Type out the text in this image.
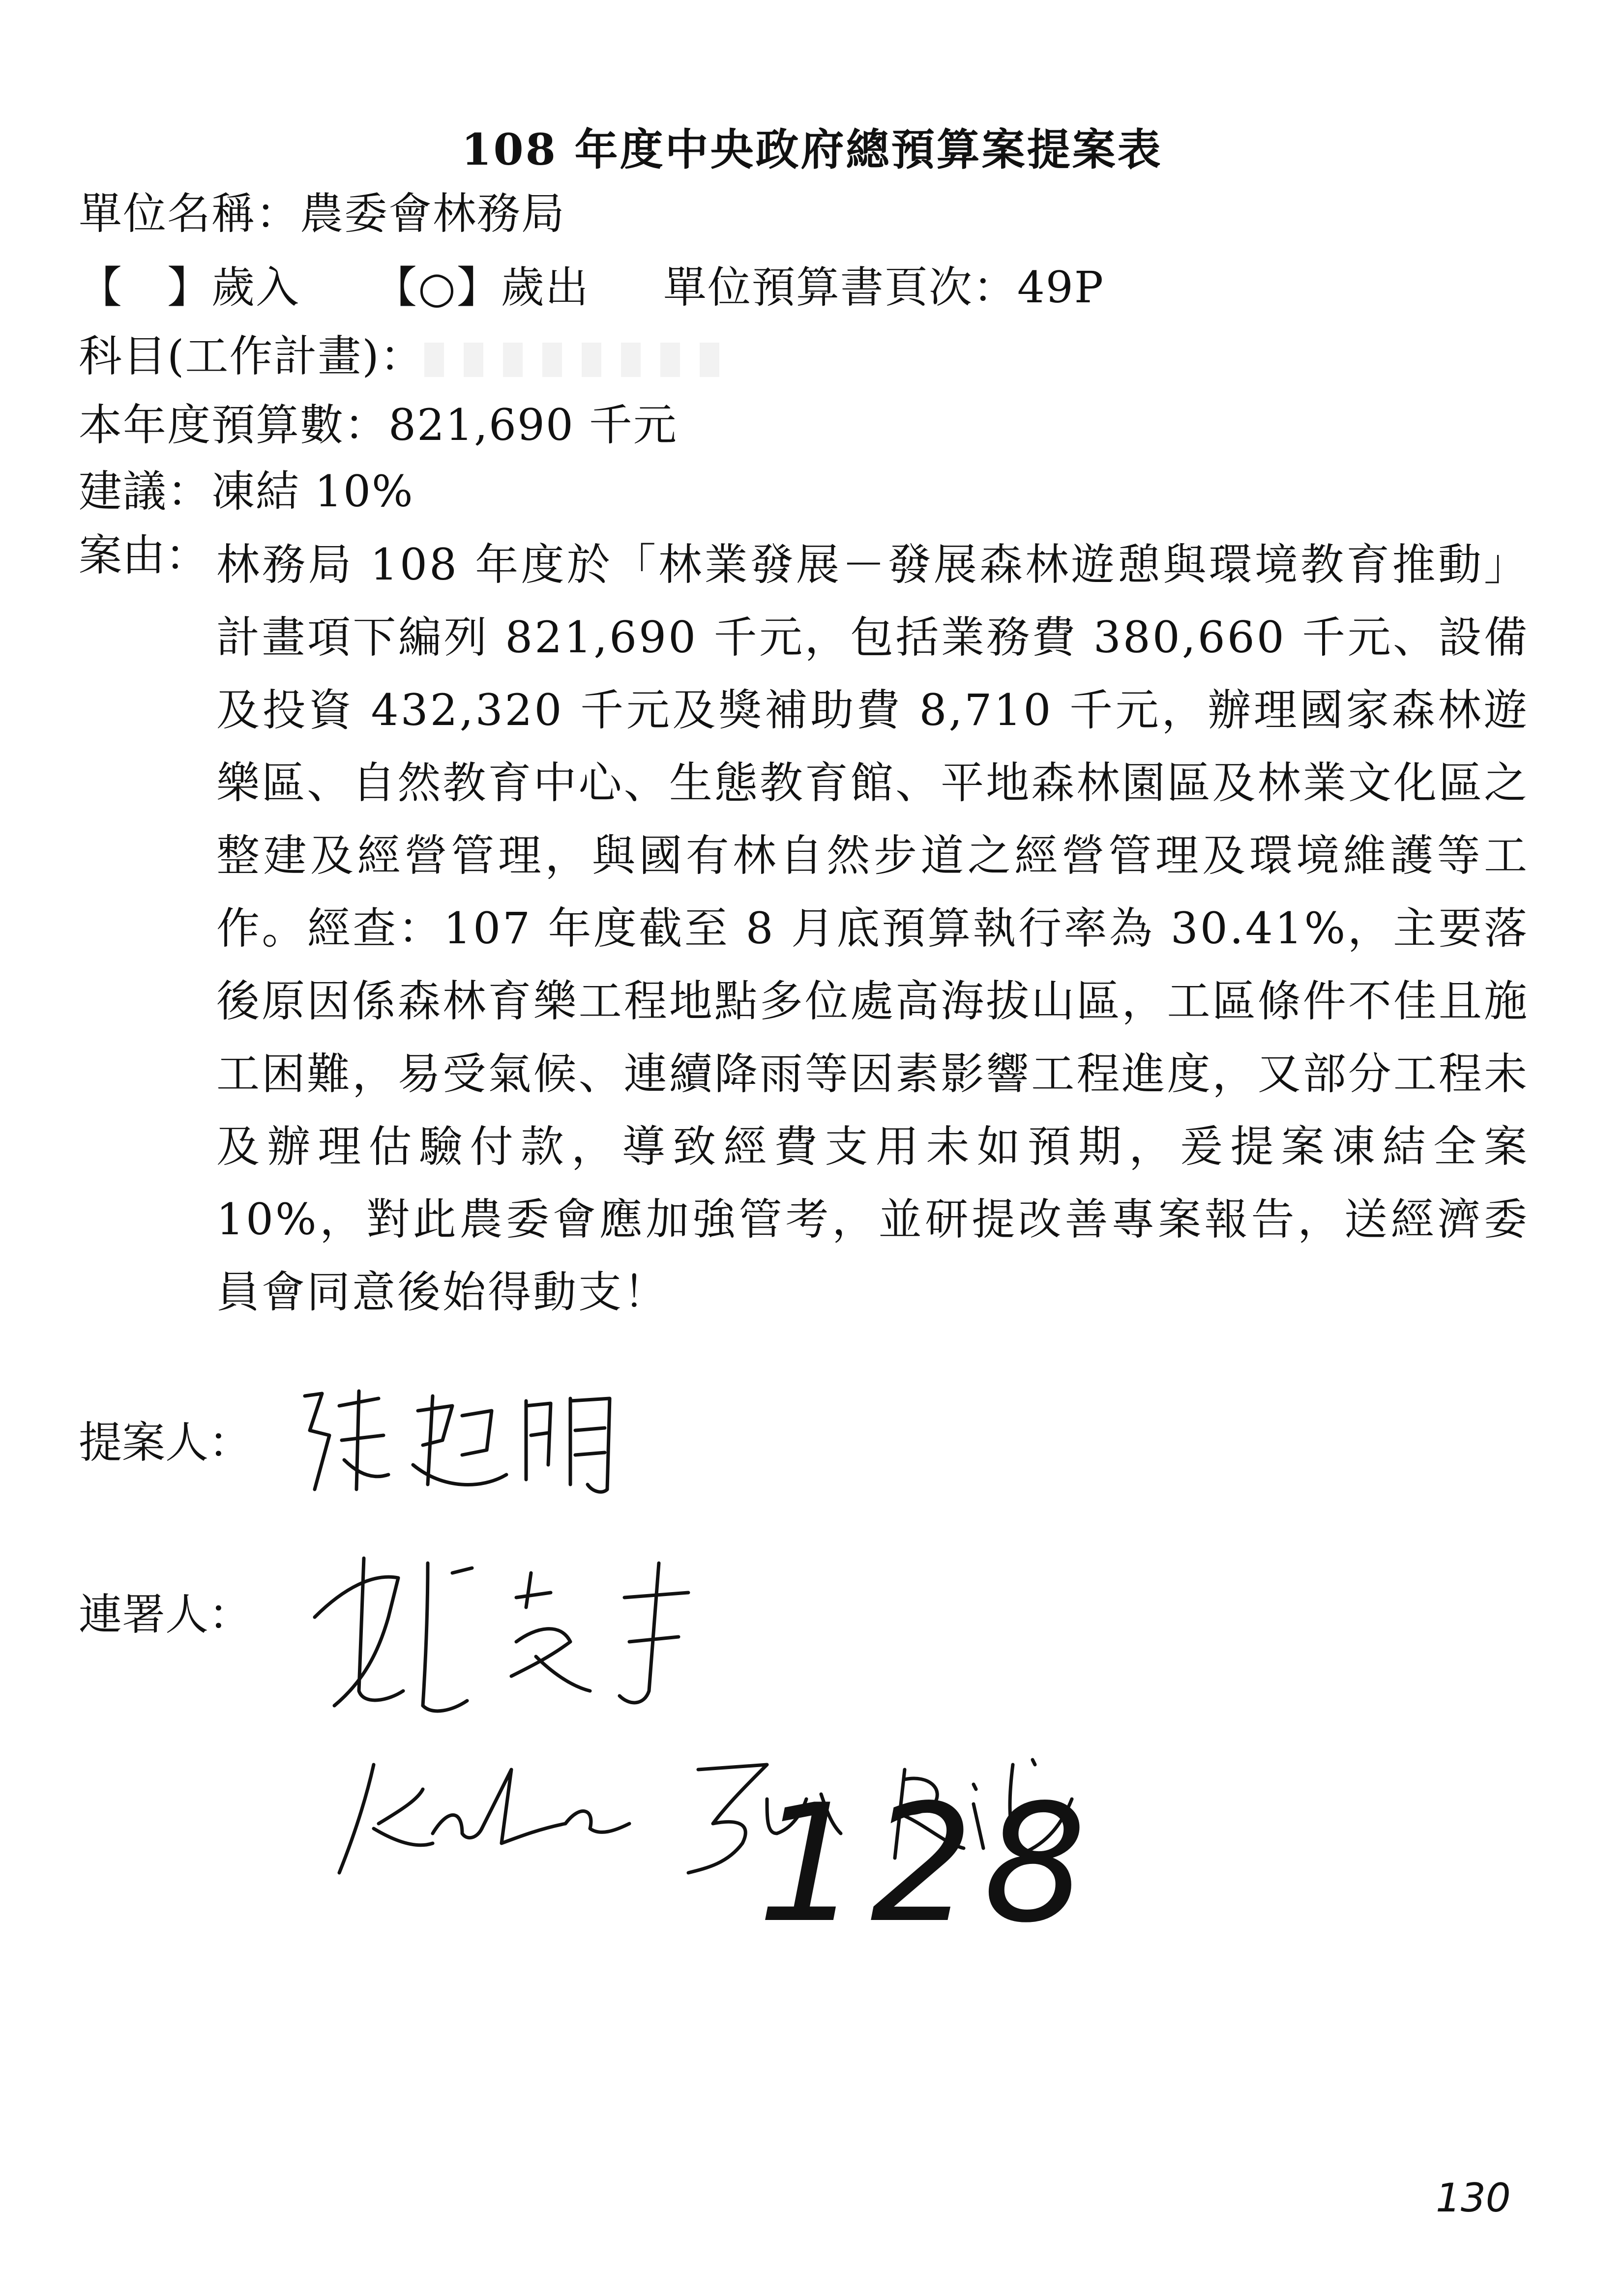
108 年度中央政府總預算案提案表
單位名稱：農委會林務局
【　】歲入 【○】歲出 單位預算書頁次：49P
科目(工作計畫)：
本年度預算數：821,690 千元
建議：凍結 10%
案由： 林務局 108 年度於「林業發展－發展森林遊憩與環境教育推動」計畫項下編列 821,690 千元，包括業務費 380,660 千元、設備及投資 432,320 千元及獎補助費 8,710 千元，辦理國家森林遊樂區、自然教育中心、生態教育館、平地森林園區及林業文化區之整建及經營管理，與國有林自然步道之經營管理及環境維護等工作。經查：107 年度截至 8 月底預算執行率為 30.41%，主要落後原因係森林育樂工程地點多位處高海拔山區，工區條件不佳且施工困難，易受氣候、連續降雨等因素影響工程進度，又部分工程未及辦理估驗付款，導致經費支用未如預期，爰提案凍結全案 10%，對此農委會應加強管考，並研提改善專案報告，送經濟委員會同意後始得動支！
提案人：
連署人：
128
130
